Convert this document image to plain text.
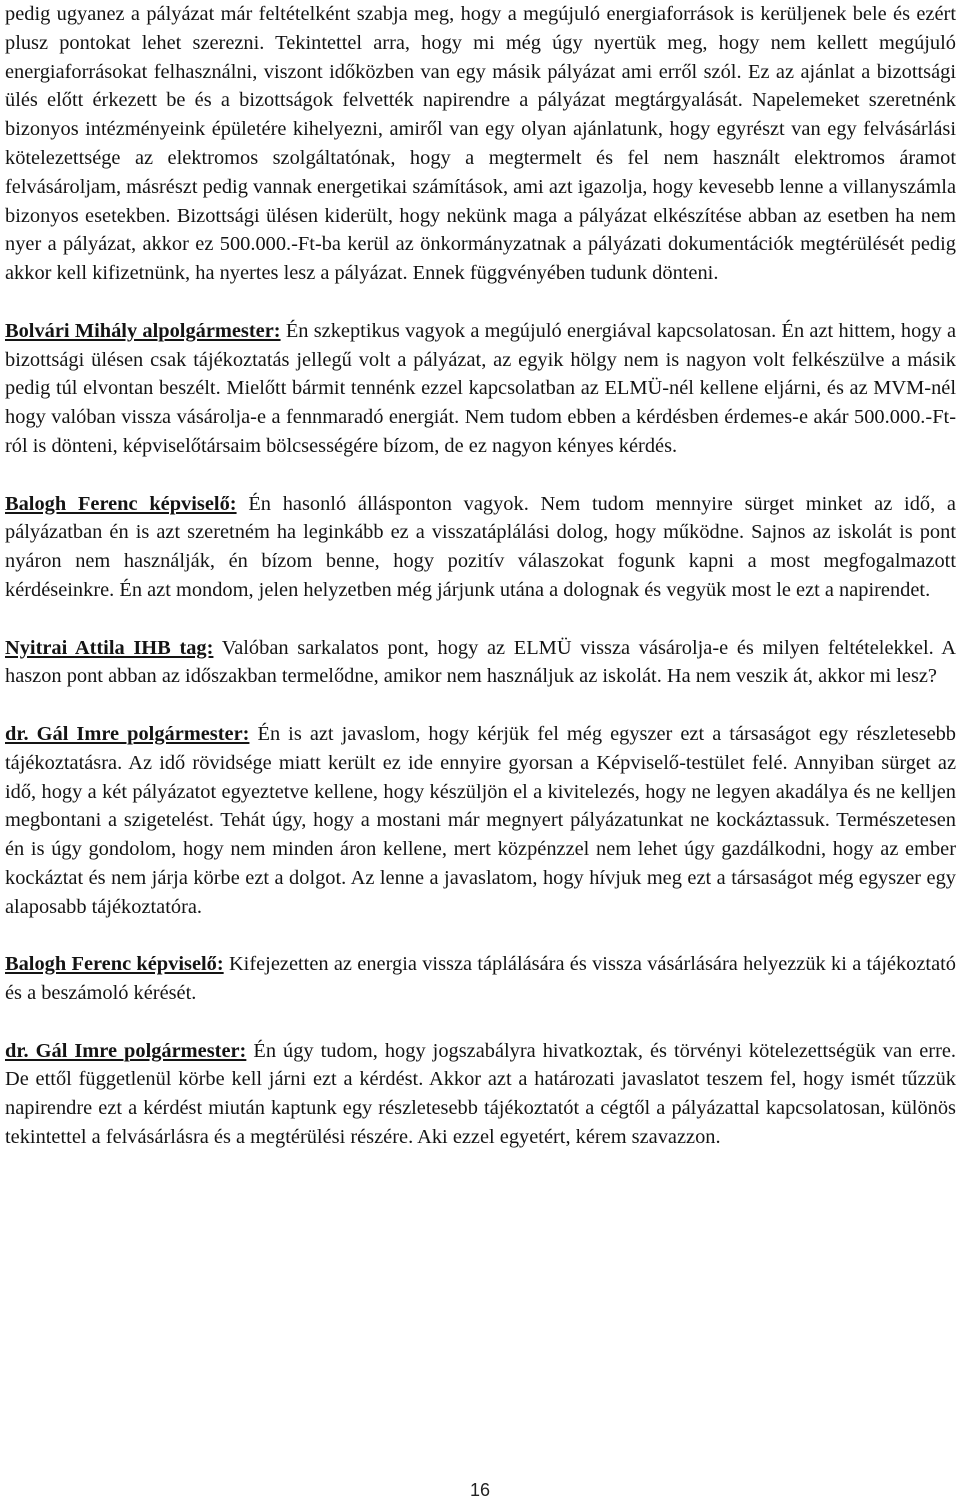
pedig ugyanez a pályázat már feltételként szabja meg, hogy a megújuló energiaforrások is kerüljenek bele és ezért plusz pontokat lehet szerezni. Tekintettel arra, hogy mi még úgy nyertük meg, hogy nem kellett megújuló energiaforrásokat felhasználni, viszont időközben van egy másik pályázat ami erről szól. Ez az ajánlat a bizottsági ülés előtt érkezett be és a bizottságok felvették napirendre a pályázat megtárgyalását. Napelemeket szeretnénk bizonyos intézményeink épületére kihelyezni, amiről van egy olyan ajánlatunk, hogy egyrészt van egy felvásárlási kötelezettsége az elektromos szolgáltatónak, hogy a megtermelt és fel nem használt elektromos áramot felvásároljam, másrészt pedig vannak energetikai számítások, ami azt igazolja, hogy kevesebb lenne a villanyszámla bizonyos esetekben. Bizottsági ülésen kiderült, hogy nekünk maga a pályázat elkészítése abban az esetben ha nem nyer a pályázat, akkor ez 500.000.-Ft-ba kerül az önkormányzatnak a pályázati dokumentációk megtérülését pedig akkor kell kifizetnünk, ha nyertes lesz a pályázat. Ennek függvényében tudunk dönteni.

Bolvári Mihály alpolgármester: Én szkeptikus vagyok a megújuló energiával kapcsolatosan. Én azt hittem, hogy a bizottsági ülésen csak tájékoztatás jellegű volt a pályázat, az egyik hölgy nem is nagyon volt felkészülve a másik pedig túl elvontan beszélt. Mielőtt bármit tennénk ezzel kapcsolatban az ELMÜ-nél kellene eljárni, és az MVM-nél hogy valóban vissza vásárolja-e a fennmaradó energiát. Nem tudom ebben a kérdésben érdemes-e akár 500.000.-Ft-ról is dönteni, képviselőtársaim bölcsességére bízom, de ez nagyon kényes kérdés.

Balogh Ferenc képviselő: Én hasonló állásponton vagyok. Nem tudom mennyire sürget minket az idő, a pályázatban én is azt szeretném ha leginkább ez a visszatáplálási dolog, hogy működne. Sajnos az iskolát is pont nyáron nem használják, én bízom benne, hogy pozitív válaszokat fogunk kapni a most megfogalmazott kérdéseinkre. Én azt mondom, jelen helyzetben még járjunk utána a dolognak és vegyük most le ezt a napirendet.

Nyitrai Attila IHB tag: Valóban sarkalatos pont, hogy az ELMÜ vissza vásárolja-e és milyen feltételekkel. A haszon pont abban az időszakban termelődne, amikor nem használjuk az iskolát. Ha nem veszik át, akkor mi lesz?

dr. Gál Imre polgármester: Én is azt javaslom, hogy kérjük fel még egyszer ezt a társaságot egy részletesebb tájékoztatásra. Az idő rövidsége miatt került ez ide ennyire gyorsan a Képviselő-testület felé. Annyiban sürget az idő, hogy a két pályázatot egyeztetve kellene, hogy készüljön el a kivitelezés, hogy ne legyen akadálya és ne kelljen megbontani a szigetelést. Tehát úgy, hogy a mostani már megnyert pályázatunkat ne kockáztassuk. Természetesen én is úgy gondolom, hogy nem minden áron kellene, mert közpénzzel nem lehet úgy gazdálkodni, hogy az ember kockáztat és nem járja körbe ezt a dolgot. Az lenne a javaslatom, hogy hívjuk meg ezt a társaságot még egyszer egy alaposabb tájékoztatóra.

Balogh Ferenc képviselő: Kifejezetten az energia vissza táplálására és vissza vásárlására helyezzük ki a tájékoztató és a beszámoló kérését.

dr. Gál Imre polgármester: Én úgy tudom, hogy jogszabályra hivatkoztak, és törvényi kötelezettségük van erre. De ettől függetlenül körbe kell járni ezt a kérdést. Akkor azt a határozati javaslatot teszem fel, hogy ismét tűzzük napirendre ezt a kérdést miután kaptunk egy részletesebb tájékoztatót a cégtől a pályázattal kapcsolatosan, különös tekintettel a felvásárlásra és a megtérülési részére. Aki ezzel egyetért, kérem szavazzon.

16
